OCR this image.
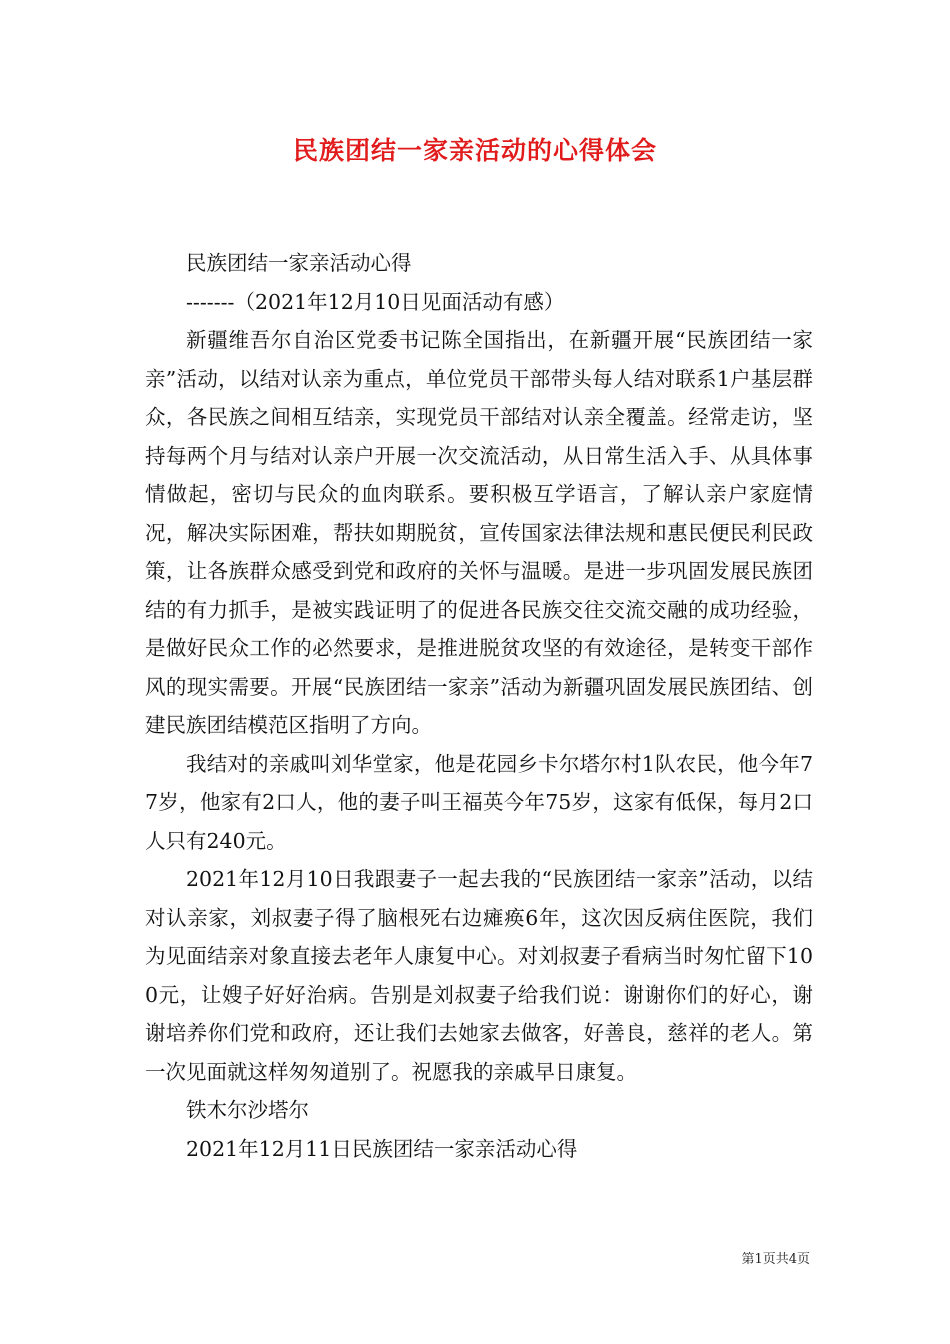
民族团结一家亲活动的心得体会

民族团结一家亲活动心得

-------（2021年12月10日见面活动有感）

新疆维吾尔自治区党委书记陈全国指出，在新疆开展“民族团结一家亲”活动，以结对认亲为重点，单位党员干部带头每人结对联系1户基层群众，各民族之间相互结亲，实现党员干部结对认亲全覆盖。经常走访，坚持每两个月与结对认亲户开展一次交流活动，从日常生活入手、从具体事情做起，密切与民众的血肉联系。要积极互学语言，了解认亲户家庭情况，解决实际困难，帮扶如期脱贫，宣传国家法律法规和惠民便民利民政策，让各族群众感受到党和政府的关怀与温暖。是进一步巩固发展民族团结的有力抓手，是被实践证明了的促进各民族交往交流交融的成功经验，是做好民众工作的必然要求，是推进脱贫攻坚的有效途径，是转变干部作风的现实需要。开展“民族团结一家亲”活动为新疆巩固发展民族团结、创建民族团结模范区指明了方向。

我结对的亲戚叫刘华堂家，他是花园乡卡尔塔尔村1队农民，他今年77岁，他家有2口人，他的妻子叫王福英今年75岁，这家有低保，每月2口人只有240元。

2021年12月10日我跟妻子一起去我的“民族团结一家亲”活动，以结对认亲家，刘叔妻子得了脑根死右边瘫痪6年，这次因反病住医院，我们为见面结亲对象直接去老年人康复中心。对刘叔妻子看病当时匆忙留下100元，让嫂子好好治病。告别是刘叔妻子给我们说：谢谢你们的好心，谢谢培养你们党和政府，还让我们去她家去做客，好善良，慈祥的老人。第一次见面就这样匆匆道别了。祝愿我的亲戚早日康复。

铁木尔沙塔尔

2021年12月11日民族团结一家亲活动心得

第1页共4页
